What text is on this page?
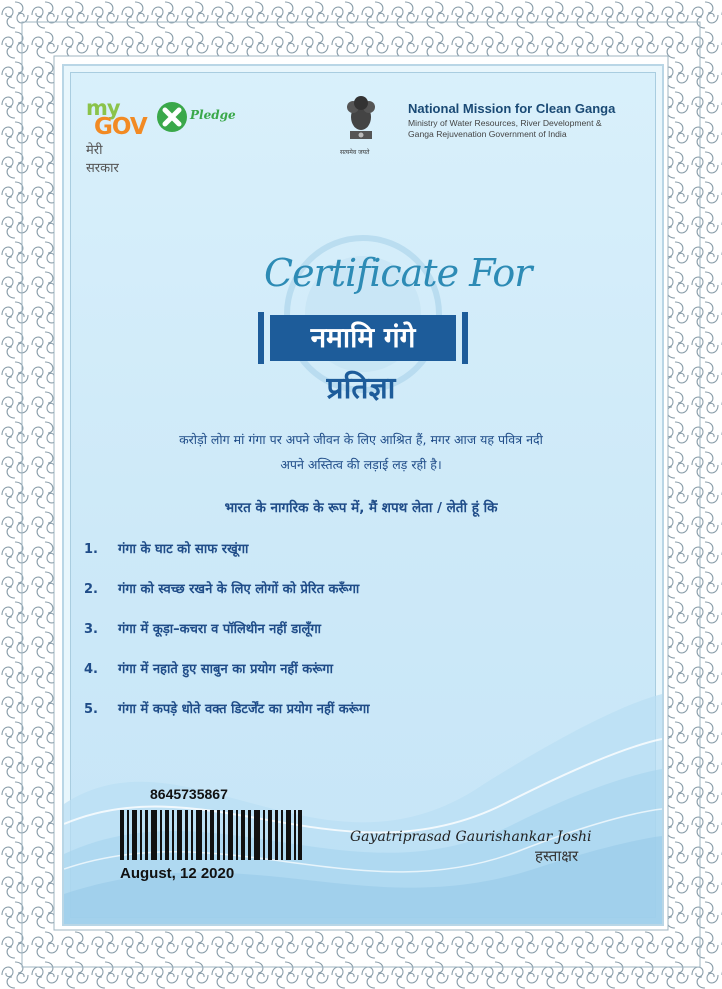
my
GOV
मेरी सरकार
Pledge
सत्यमेव जयते
National Mission for Clean Ganga
Ministry of Water Resources, River Development &
Ganga Rejuvenation Government of India
Certificate For
नमामि गंगे
प्रतिज्ञा
करोड़ो लोग मां गंगा पर अपने जीवन के लिए आश्रित हैं, मगर आज यह पवित्र नदी
अपने अस्तित्व की लड़ाई लड़ रही है।
भारत के नागरिक के रूप में, मैं शपथ लेता / लेती हूं कि
1. गंगा के घाट को साफ रखूंगा
2. गंगा को स्वच्छ रखने के लिए लोगों को प्रेरित करूँगा
3. गंगा में कूड़ा–कचरा व पॉलिथीन नहीं डालूँगा
4. गंगा में नहाते हुए साबुन का प्रयोग नहीं करूंगा
5. गंगा में कपड़े धोते वक्त डिटर्जेंट का प्रयोग नहीं करूंगा
8645735867
August, 12 2020
Gayatriprasad Gaurishankar Joshi
हस्ताक्षर
